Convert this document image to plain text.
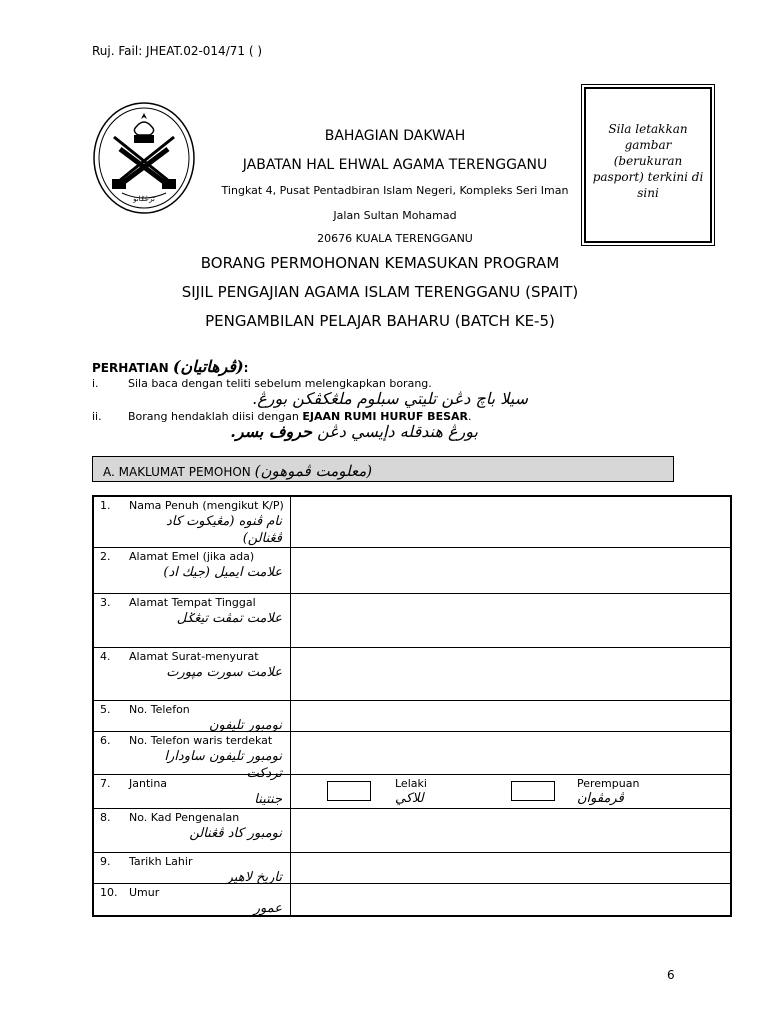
Ruj. Fail: JHEAT.02-014/71 ( )
ترڠݢانو
BAHAGIAN DAKWAH
JABATAN HAL EHWAL AGAMA TERENGGANU
Tingkat 4, Pusat Pentadbiran Islam Negeri, Kompleks Seri Iman
Jalan Sultan Mohamad
20676 KUALA TERENGGANU
Sila letakkan
gambar
(berukuran
pasport) terkini di
sini
BORANG PERMOHONAN KEMASUKAN PROGRAM
SIJIL PENGAJIAN AGAMA ISLAM TERENGGANU (SPAIT)
PENGAMBILAN PELAJAR BAHARU (BATCH KE-5)
PERHATIAN (ڤرهاتيان):
i.	Sila baca dengan teliti sebelum melengkapkan borang.
سيلا باچ دڠن تليتي سبلوم ملڠكڤكن بورڠ.
ii. Borang hendaklah diisi dengan EJAAN RUMI HURUF BESAR.
بورڠ هندقله دإيسي دڠن حروف بسر.
A. MAKLUMAT PEMOHON (معلومت ڤموهون)
1. Nama Penuh (mengikut K/P)
نام ڤنوه (مڠيكوت كاد ڤڠنالن)	

2. Alamat Emel (jika ada)
علامت ايميل (جيك اد)	

3. Alamat Tempat Tinggal
علامت تمڤت تيڠݢل	

4. Alamat Surat-menyurat
علامت سورت مپورت	

5. No. Telefon
نومبور تليفون	

6. No. Telefon waris terdekat
نومبور تليفون ساودارا تردکت	

7. Jantina
جنتينا	Lelaki
للاكي
Perempuan
ڤرمڤوان

8. No. Kad Pengenalan
نومبور كاد ڤڠنالن	

9. Tarikh Lahir
تاريخ لاهير	

10. Umur
عمور	

6
